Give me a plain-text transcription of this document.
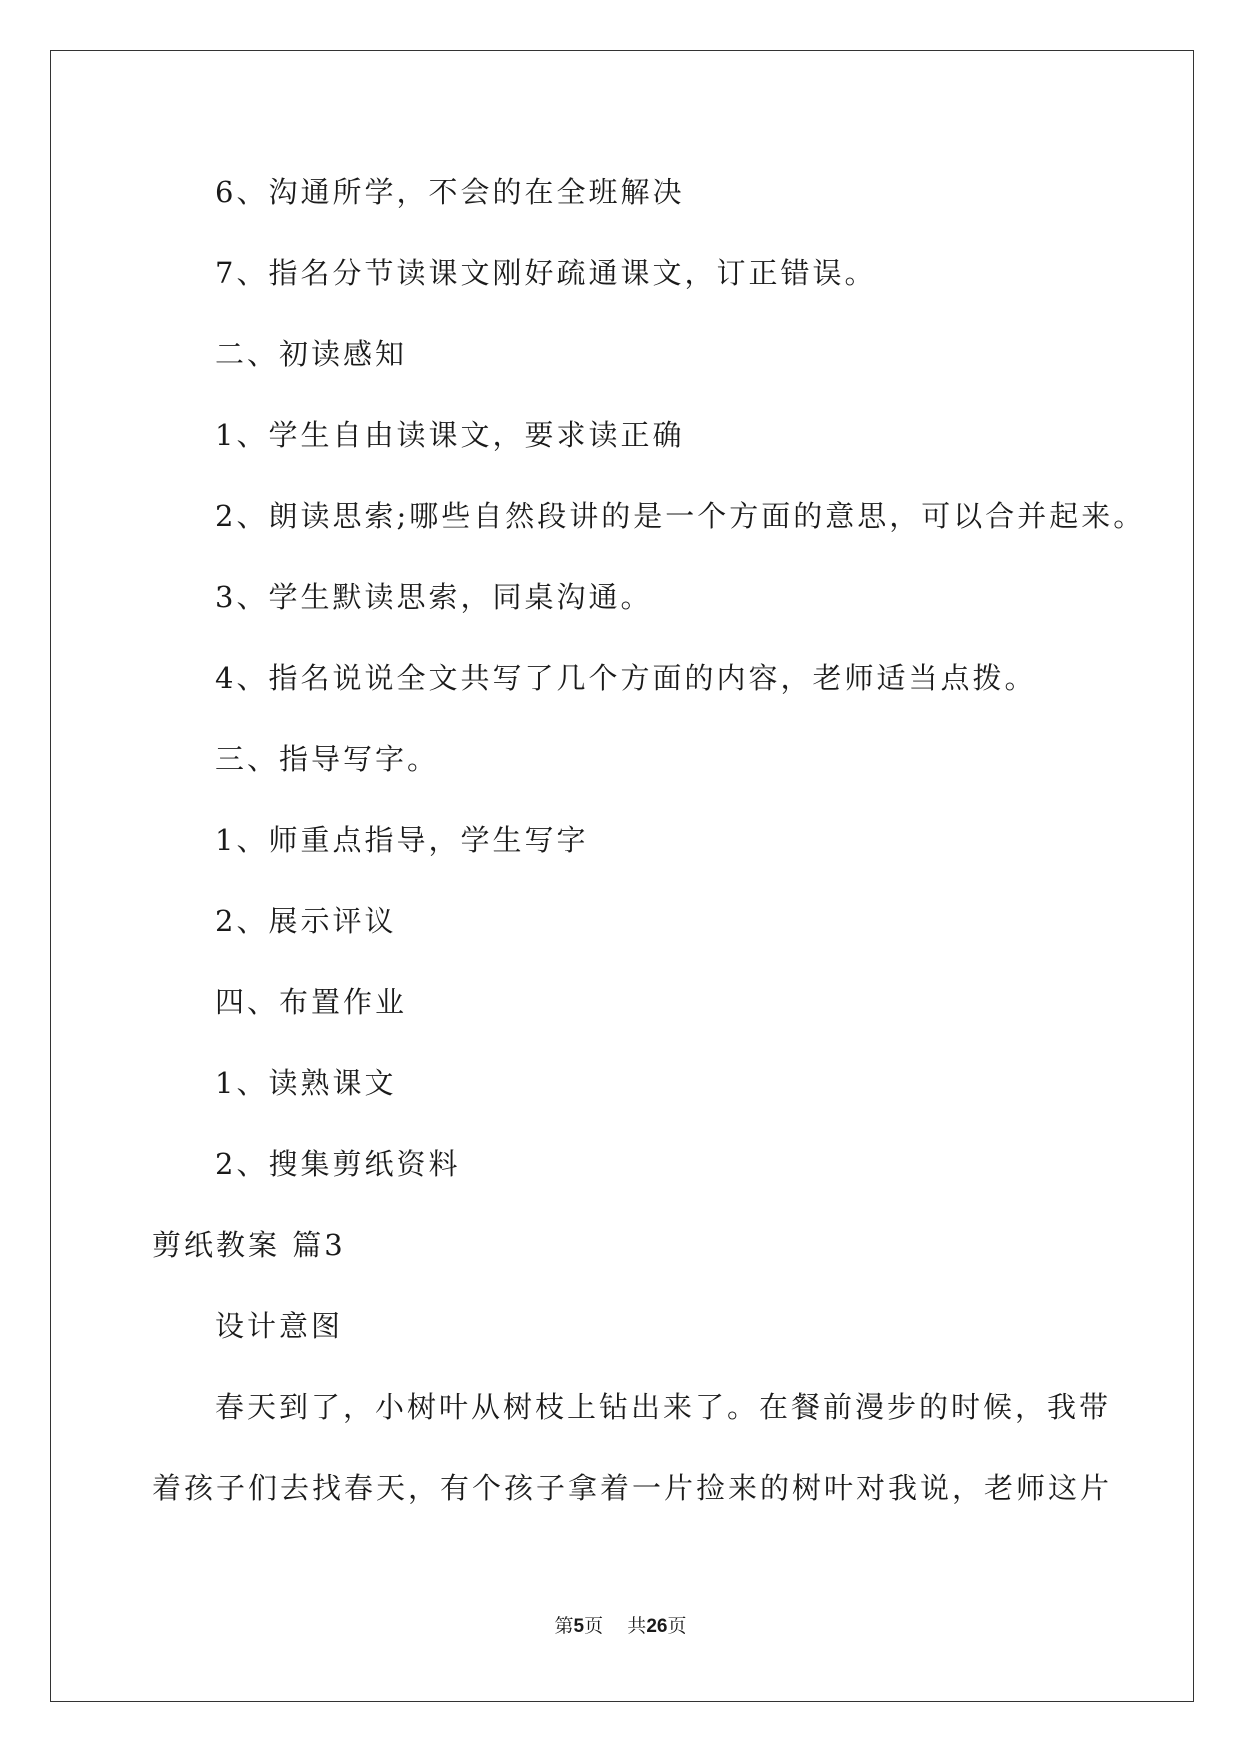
6、沟通所学，不会的在全班解决
7、指名分节读课文刚好疏通课文，订正错误。
二、初读感知
1、学生自由读课文，要求读正确
2、朗读思索;哪些自然段讲的是一个方面的意思，可以合并起来。
3、学生默读思索，同桌沟通。
4、指名说说全文共写了几个方面的内容，老师适当点拨。
三、指导写字。
1、师重点指导，学生写字
2、展示评议
四、布置作业
1、读熟课文
2、搜集剪纸资料
剪纸教案 篇3
设计意图
春天到了，小树叶从树枝上钻出来了。在餐前漫步的时候，我带
着孩子们去找春天，有个孩子拿着一片捡来的树叶对我说，老师这片
第5页 共26页
